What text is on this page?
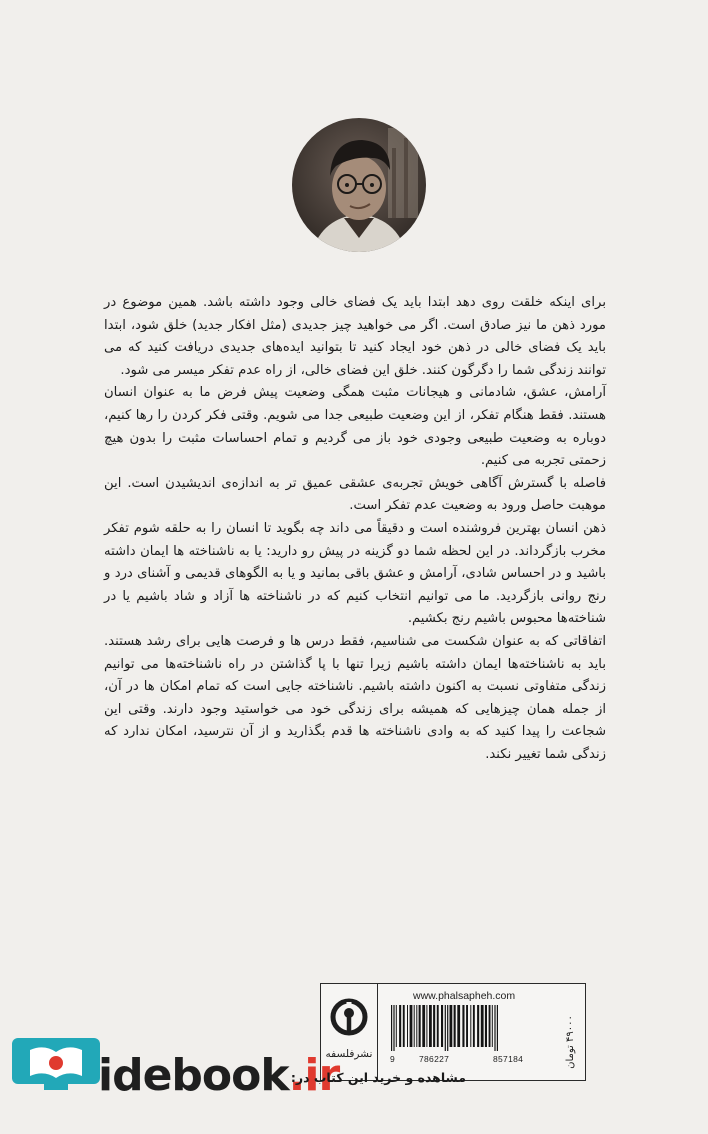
برای اینکه خلقت روی دهد ابتدا باید یک فضای خالی وجود داشته باشد. همین موضوع در مورد ذهن ما نیز صادق است. اگر می خواهید چیز جدیدی (مثل افکار جدید) خلق شود، ابتدا باید یک فضای خالی در ذهن خود ایجاد کنید تا بتوانید ایده‌های جدیدی دریافت کنید که می توانند زندگی شما را دگرگون کنند. خلق این فضای خالی، از راه عدم تفکر میسر می شود.

آرامش، عشق، شادمانی و هیجانات مثبت همگی وضعیت پیش فرض ما به عنوان انسان هستند. فقط هنگام تفکر، از این وضعیت طبیعی جدا می شویم. وقتی فکر کردن را رها کنیم، دوباره به وضعیت طبیعی وجودی خود باز می گردیم و تمام احساسات مثبت را بدون هیچ زحمتی تجربه می کنیم.

فاصله با گسترش آگاهی خویش تجربه‌ی عشقی عمیق تر به اندازه‌ی اندیشیدن است. این موهبت حاصل ورود به وضعیت عدم تفکر است.

ذهن انسان بهترین فروشنده است و دقیقاً می داند چه بگوید تا انسان را به حلقه شوم تفکر مخرب بازگرداند. در این لحظه شما دو گزینه در پیش رو دارید: یا به ناشناخته ها ایمان داشته باشید و در احساس شادی، آرامش و عشق باقی بمانید و یا به الگوهای قدیمی و آشنای درد و رنج روانی بازگردید. ما می توانیم انتخاب کنیم که در ناشناخته ها آزاد و شاد باشیم یا در شناخته‌ها محبوس باشیم رنج بکشیم.

اتفاقاتی که به عنوان شکست می شناسیم، فقط درس ها و فرصت هایی برای رشد هستند. باید به ناشناخته‌ها ایمان داشته باشیم زیرا تنها با پا گذاشتن در راه ناشناخته‌ها می توانیم زندگی متفاوتی نسبت به اکنون داشته باشیم. ناشناخته جایی است که تمام امکان ها در آن، از جمله همان چیزهایی که همیشه برای زندگی خود می خواستید وجود دارند. وقتی این شجاعت را پیدا کنید که به وادی ناشناخته ها قدم بگذارید و از آن نترسید، امکان ندارد که زندگی شما تغییر نکند.

نشرفلسفه
www.phalsapheh.com
9	786227	857184	۴۹۰۰۰ تومان
idebook.ir
مشاهده و خرید این کتاب در:
